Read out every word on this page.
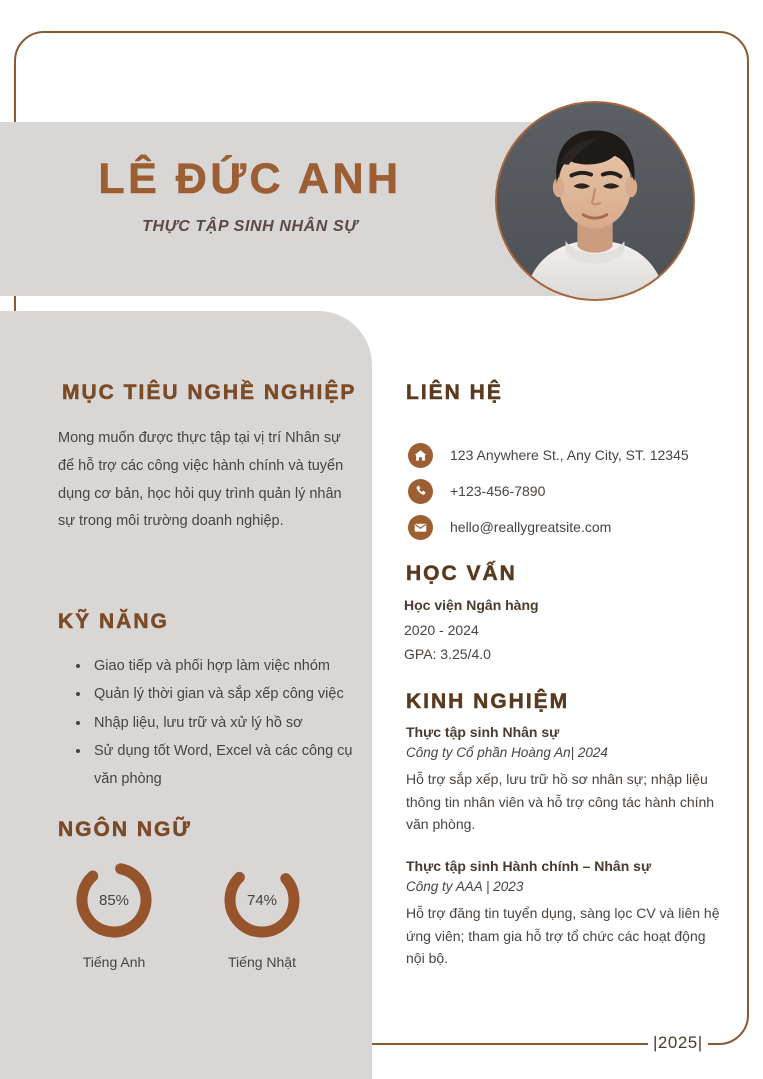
LÊ ĐỨC ANH
THỰC TẬP SINH NHÂN SỰ
MỤC TIÊU NGHỀ NGHIỆP
Mong muốn được thực tập tại vị trí Nhân sự để hỗ trợ các công việc hành chính và tuyển dụng cơ bản, học hỏi quy trình quản lý nhân sự trong môi trường doanh nghiệp.
KỸ NĂNG
Giao tiếp và phối hợp làm việc nhóm
Quản lý thời gian và sắp xếp công việc
Nhập liệu, lưu trữ và xử lý hồ sơ
Sử dụng tốt Word, Excel và các công cụ văn phòng
NGÔN NGỮ
85%
Tiếng Anh
74%
Tiếng Nhật
LIÊN HỆ
123 Anywhere St., Any City, ST. 12345
+123-456-7890
hello@reallygreatsite.com
HỌC VẤN
Học viện Ngân hàng
2020 - 2024
GPA: 3.25/4.0
KINH NGHIỆM
Thực tập sinh Nhân sự
Công ty Cổ phần Hoàng An| 2024
Hỗ trợ sắp xếp, lưu trữ hồ sơ nhân sự; nhập liệu thông tin nhân viên và hỗ trợ công tác hành chính văn phòng.
Thực tập sinh Hành chính – Nhân sự
Công ty AAA | 2023
Hỗ trợ đăng tin tuyển dụng, sàng lọc CV và liên hệ ứng viên; tham gia hỗ trợ tổ chức các hoạt động nội bộ.
|2025|
